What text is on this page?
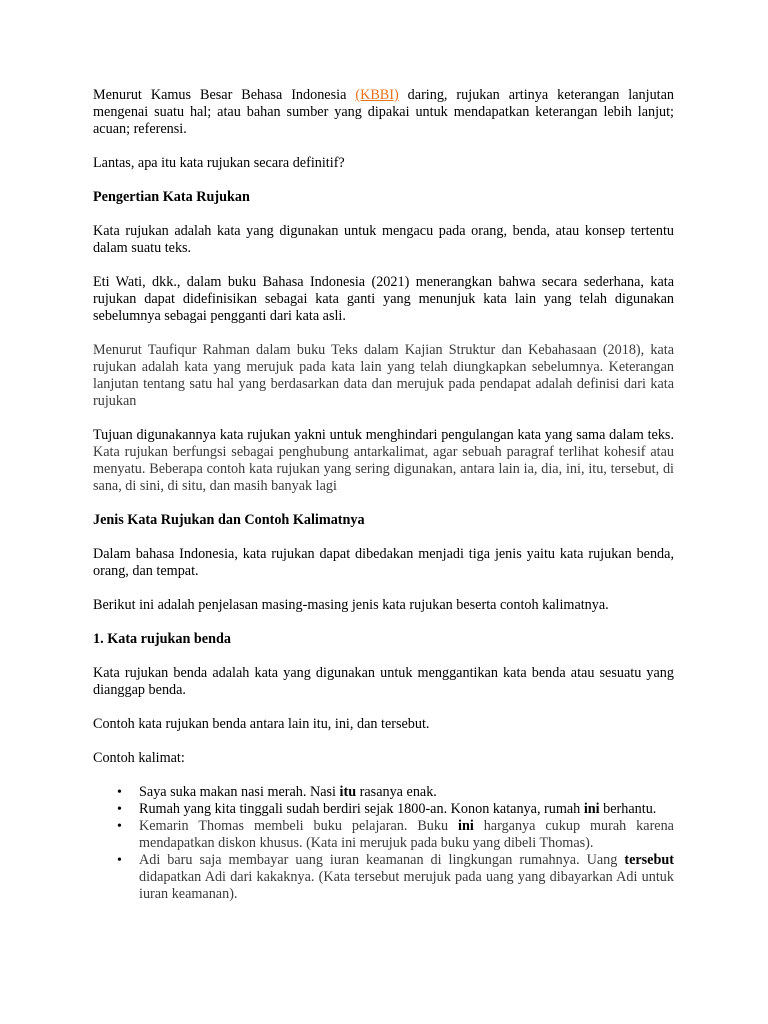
Menurut Kamus Besar Behasa Indonesia (KBBI) daring, rujukan artinya keterangan lanjutan mengenai suatu hal; atau bahan sumber yang dipakai untuk mendapatkan keterangan lebih lanjut; acuan; referensi.

Lantas, apa itu kata rujukan secara definitif?

Pengertian Kata Rujukan

Kata rujukan adalah kata yang digunakan untuk mengacu pada orang, benda, atau konsep tertentu dalam suatu teks.

Eti Wati, dkk., dalam buku Bahasa Indonesia (2021) menerangkan bahwa secara sederhana, kata rujukan dapat didefinisikan sebagai kata ganti yang menunjuk kata lain yang telah digunakan sebelumnya sebagai pengganti dari kata asli.

Menurut Taufiqur Rahman dalam buku Teks dalam Kajian Struktur dan Kebahasaan (2018), kata rujukan adalah kata yang merujuk pada kata lain yang telah diungkapkan sebelumnya. Keterangan lanjutan tentang satu hal yang berdasarkan data dan merujuk pada pendapat adalah definisi dari kata rujukan

Tujuan digunakannya kata rujukan yakni untuk menghindari pengulangan kata yang sama dalam teks. Kata rujukan berfungsi sebagai penghubung antarkalimat, agar sebuah paragraf terlihat kohesif atau menyatu. Beberapa contoh kata rujukan yang sering digunakan, antara lain ia, dia, ini, itu, tersebut, di sana, di sini, di situ, dan masih banyak lagi

Jenis Kata Rujukan dan Contoh Kalimatnya

Dalam bahasa Indonesia, kata rujukan dapat dibedakan menjadi tiga jenis yaitu kata rujukan benda, orang, dan tempat.

Berikut ini adalah penjelasan masing-masing jenis kata rujukan beserta contoh kalimatnya.

1. Kata rujukan benda

Kata rujukan benda adalah kata yang digunakan untuk menggantikan kata benda atau sesuatu yang dianggap benda.

Contoh kata rujukan benda antara lain itu, ini, dan tersebut.

Contoh kalimat:

• Saya suka makan nasi merah. Nasi itu rasanya enak.
• Rumah yang kita tinggali sudah berdiri sejak 1800-an. Konon katanya, rumah ini berhantu.
• Kemarin Thomas membeli buku pelajaran. Buku ini harganya cukup murah karena mendapatkan diskon khusus. (Kata ini merujuk pada buku yang dibeli Thomas).
• Adi baru saja membayar uang iuran keamanan di lingkungan rumahnya. Uang tersebut didapatkan Adi dari kakaknya. (Kata tersebut merujuk pada uang yang dibayarkan Adi untuk iuran keamanan).
